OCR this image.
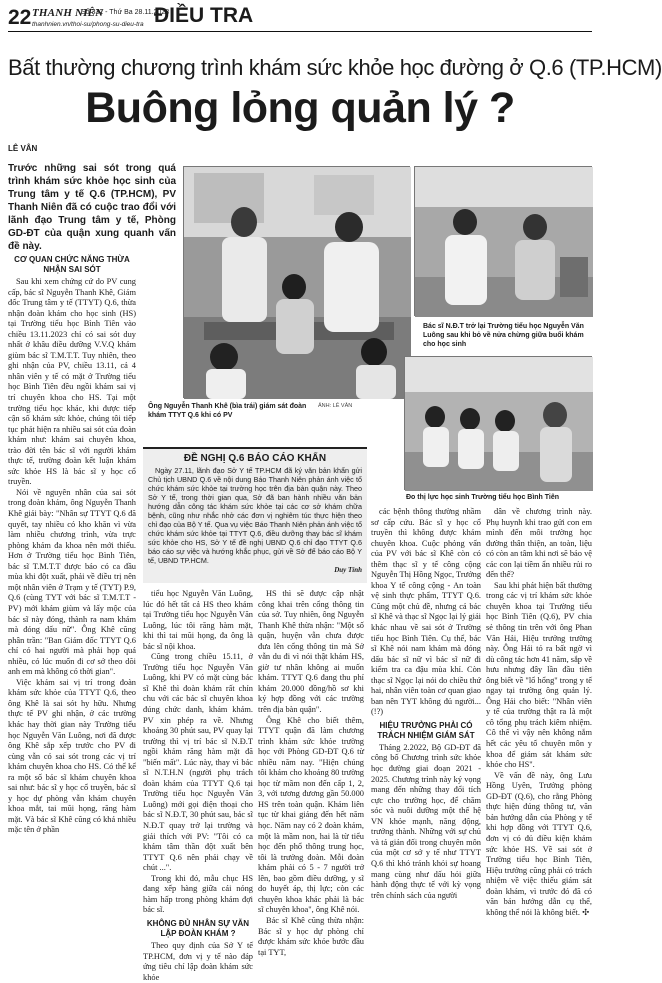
22 THANH NIÊN
Số 332 - Thứ Ba 28.11.2023
thanhnien.vn/thoi-su/phong-su-dieu-tra ĐIỀU TRA
Bất thường chương trình khám sức khỏe học đường ở Q.6 (TP.HCM)
Buông lỏng quản lý ?
LÊ VÂN

Trước những sai sót trong quá trình khám sức khỏe học sinh của Trung tâm y tế Q.6 (TP.HCM), PV Thanh Niên đã có cuộc trao đổi với lãnh đạo Trung tâm y tế, Phòng GD-ĐT của quận xung quanh vấn đề này.

Ông Nguyễn Thanh Khê (bìa trái) giám sát đoàn khám TTYT Q.6 khi có PV
ẢNH: LÊ VÂN
Bác sĩ N.Đ.T trở lại Trường tiểu học Nguyễn Văn Luông sau khi bỏ về nửa chừng giữa buổi khám cho học sinh
Đo thị lực học sinh Trường tiểu học Bình Tiên
CƠ QUAN CHỨC NĂNG THỪA NHẬN SAI SÓT

Sau khi xem chứng cứ do PV cung cấp, bác sĩ Nguyễn Thanh Khê, Giám đốc Trung tâm y tế (TTYT) Q.6, thừa nhận đoàn khám cho học sinh (HS) tại Trường tiểu học Bình Tiên vào chiều 13.11.2023 chỉ có sai sót duy nhất ở khâu điều dưỡng V.V.Q khám giùm bác sĩ T.M.T.T. Tuy nhiên, theo ghi nhận của PV, chiều 13.11, cả 4 nhân viên y tế có mặt ở Trường tiểu học Bình Tiên đều ngồi khám sai vị trí chuyên khoa cho HS. Tại một trường tiểu học khác, khi được tiếp cận số khám sức khỏe, chúng tôi tiếp tục phát hiện ra nhiều sai sót của đoàn khám như: khám sai chuyên khoa, trào đời tên bác sĩ với người khám thực tế, trường đoàn kết luận khám sức khỏe HS là bác sĩ y học cổ truyền.

Nói về nguyên nhân của sai sót trong đoàn khám, ông Nguyễn Thanh Khê giải bày: "Nhân sự TTYT Q.6 đã quyết, tay nhiều có kho khăn vì vừa làm nhiều chương trình, vừa trực phòng khám đa khoa nên mới thiếu. Hơn ở Trường tiểu học Bình Tiên, bác sĩ T.M.T.T được báo có ca đầu mùa khi đột xuất, phải về điều trị nên một nhân viên ở Trạm y tế (TYT) P.9, Q.6 (cùng TYT với bác sĩ T.M.T.T - PV) mới khám giùm và lấy mộc của bác sĩ này đóng, thành ra nam khám mà đóng dấu nữ". Ông Khê cũng phân trần: "Ban Giám đốc TTYT Q.6 chỉ có hai người mà phải họp quá nhiều, có lúc muốn đi cơ sở theo dõi anh em mà không có thời gian".

Việc khám sai vị trí trong đoàn khám sức khỏe của TTYT Q.6, theo ông Khê là sai sót hy hữu. Nhưng thực tế PV ghi nhận, ở các trường khác hay thời gian này Trường tiểu học Nguyễn Văn Luông, nơi đã được ông Khê sắp xếp trước cho PV đi cùng vẫn có sai sót trong các vị trí khám chuyên khoa cho HS. Có thể kể ra một số bác sĩ khám chuyên khoa sai như: bác sĩ y học cổ truyền, bác sĩ y học dự phòng vẫn khám chuyên khoa mắt, tai mũi họng, răng hàm mặt. Và bác sĩ Khê cũng có khá nhiều mặc tên ở phần

ĐỀ NGHỊ Q.6 BÁO CÁO KHẨN

Ngày 27.11, lãnh đạo Sở Y tế TP.HCM đã ký văn bản khẩn gửi Chủ tịch UBND Q.6 về nội dung Báo Thanh Niên phản ánh việc tổ chức khám sức khỏe tại trường học trên địa bàn quận này. Theo Sở Y tế, trong thời gian qua, Sở đã ban hành nhiều văn bản hướng dẫn công tác khám sức khỏe tại các cơ sở khám chữa bệnh, cũng như nhắc nhở các đơn vị nghiêm túc thực hiện theo chỉ đạo của Bộ Y tế. Qua vụ việc Báo Thanh Niên phản ánh việc tổ chức khám sức khỏe tại TTYT Q.6, điều dưỡng thay bác sĩ khám sức khỏe cho HS, Sở Y tế đề nghị UBND Q.6 chỉ đạo TTYT Q.6 báo cáo sự việc và hướng khắc phục, gửi về Sở để báo cáo Bộ Y tế, UBND TP.HCM.

Duy Tính

tiểu học Nguyễn Văn Luông, lúc đó hết tất cả HS theo khám tại Trường tiểu học Nguyễn Văn Luông, lúc tôi răng hàm mặt, khi thì tai mũi họng, đa ông là bác sĩ nội khoa.

Cũng trong chiều 15.11, ở Trường tiểu học Nguyễn Văn Luông, khi PV có mặt cùng bác sĩ Khê thì đoàn khám rất chỉn chu với các bác sĩ chuyên khoa đúng chức danh, khám khám. PV xin phép ra về. Nhưng khoảng 30 phút sau, PV quay lại trường thì vị trí bác sĩ N.Đ.T ngồi khám răng hàm mặt đã "biến mất". Lúc này, thay vì bác sĩ N.T.H.N (người phụ trách đoàn khám của TTYT Q.6 tại Trường tiểu học Nguyễn Văn Luông) mới gọi điện thoại cho bác sĩ N.Đ.T, 30 phút sau, bác sĩ N.Đ.T quay trở lại trường và giải thích với PV: "Tôi có ca khám tâm thần đột xuất bên TTYT Q.6 nên phải chạy về chút ...".

Trong khi đó, mẫu chục HS đang xếp hàng giữa cái nóng hàm hấp trong phòng khám đợi bác sĩ.

KHÔNG ĐỦ NHÂN SỰ VẪN LẬP ĐOÀN KHÁM ?

Theo quy định của Sở Y tế TP.HCM, đơn vị y tế nào đáp ứng tiêu chí lập đoàn khám sức khỏe

HS thì sẽ được cập nhật công khai trên cổng thông tin của sở. Tuy nhiên, ông Nguyễn Thanh Khê thừa nhận: "Một số quận, huyện vẫn chưa được đưa lên cổng thông tin mà Sở vẫn du đi vì nói thật khám HS, giờ tư nhân không ai muốn khám. TTYT Q.6 đang thu phí khám 20.000 đồng/hồ sơ khi ký hợp đồng với các trường trên địa bàn quận".

Ông Khê cho biết thêm, TTYT quận đã làm chương trình khám sức khỏe trường học với Phòng GD-ĐT Q.6 từ nhiều năm nay. "Hiện chúng tôi khám cho khoảng 80 trường học từ mầm non đến cấp 1, 2, 3, với tương đương gần 50.000 HS trên toàn quận. Khám liên tục từ khai giảng đến hết năm học. Năm nay có 2 đoàn khám, một là mầm non, hai là từ tiểu học đến phổ thông trung học, tôi là trưởng đoàn. Mỗi đoàn khám phải có 5 - 7 người trở lên, bao gồm điều dưỡng, y sĩ do huyết áp, thị lực; còn các chuyên khoa khác phải là bác sĩ chuyên khoa", ông Khê nói.

Bác sĩ Khê cũng thừa nhận: Bác sĩ y học dự phòng chỉ được khám sức khỏe bước đầu tại TYT,

các bệnh thông thường nhầm sơ cấp cứu. Bác sĩ y học cổ truyền thì không được khám chuyên khoa. Cuộc phỏng vấn của PV với bác sĩ Khê còn có thêm thạc sĩ y tế công cộng Nguyễn Thị Hồng Ngọc, Trưởng khoa Y tế công cộng - An toàn vệ sinh thực phẩm, TTYT Q.6. Cũng một chủ đề, nhưng cả bác sĩ Khê và thạc sĩ Ngọc lại lý giải khác nhau về sai sót ở Trường tiểu học Bình Tiên. Cụ thể, bác sĩ Khê nói nam khám mà đóng dấu bác sĩ nữ vì bác sĩ nữ đi kiểm tra ca đậu mùa khỉ. Còn thạc sĩ Ngọc lại nói do chiều thứ hai, nhân viên toàn cơ quan giao ban nên TYT không đủ người... (!?)

HIỆU TRƯỞNG PHẢI CÓ TRÁCH NHIỆM GIÁM SÁT

Tháng 2.2022, Bộ GD-ĐT đã công bố Chương trình sức khỏe học đường giai đoạn 2021 - 2025. Chương trình này ký vọng mang đến những thay đổi tích cực cho trường học, để chăm sóc và nuôi dưỡng một thế hệ VN khỏe mạnh, năng động, trưởng thành. Những với sự chủ và tả giản đối trong chuyên môn của một cơ sở y tế như TTYT Q.6 thì khó tránh khỏi sự hoang mang cùng như dấu hỏi giữa hành động thực tế với kỳ vọng trên chính sách của người

dân về chương trình này. Phụ huynh khi trao gửi con em mình đến môi trường học đường thân thiện, an toàn, liệu có còn an tâm khi nơi sẽ bảo vệ các con lại tiềm ẩn nhiều rủi ro đến thế?

Sau khi phát hiện bất thường trong các vị trí khám sức khỏe chuyên khoa tại Trường tiểu học Bình Tiên (Q.6), PV chia sẻ thông tin trên với ông Phan Văn Hải, Hiệu trưởng trường này. Ông Hải tỏ ra bất ngờ vì dù công tác hơn 41 năm, sắp về hưu nhưng đây lần đầu tiên ông biết về "lổ hổng" trong y tế ngay tại trường ông quản lý. Ông Hải cho biết: "Nhân viên y tế của trường thật ra là một cô tổng phụ trách kiêm nhiệm. Cô thế vì vậy nên không nắm hết các yêu tố chuyên môn y khoa để giám sát khám sức khỏe cho HS".

Về vấn đề này, ông Lưu Hồng Uyên, Trưởng phòng GD-ĐT (Q.6), cho rằng Phòng thực hiện đúng thông tư, văn bản hướng dẫn của Phòng y tế khi hợp đồng với TTYT Q.6, đơn vị có đủ điều kiện khám sức khỏe HS. Về sai sót ở Trường tiểu học Bình Tiên, Hiệu trưởng cũng phải có trách nhiệm về việc thiếu giám sát đoàn khám, vì trước đó đã có văn bản hướng dẫn cụ thể, không thể nói là không biết. ✣
